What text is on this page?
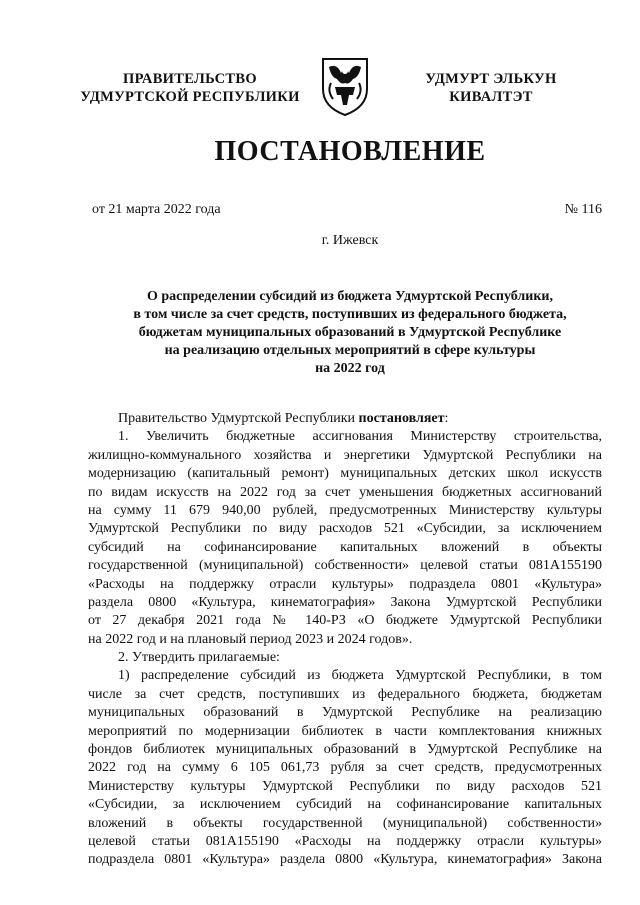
ПРАВИТЕЛЬСТВО
УДМУРТСКОЙ РЕСПУБЛИКИ
УДМУРТ ЭЛЬКУН
КИВАЛТЭТ
ПОСТАНОВЛЕНИЕ
от 21 марта 2022 года	№ 116
г. Ижевск
О распределении субсидий из бюджета Удмуртской Республики,
в том числе за счет средств, поступивших из федерального бюджета,
бюджетам муниципальных образований в Удмуртской Республике
на реализацию отдельных мероприятий в сфере культуры
на 2022 год
Правительство Удмуртской Республики постановляет:
1. Увеличить бюджетные ассигнования Министерству строительства,
жилищно-коммунального хозяйства и энергетики Удмуртской Республики на
модернизацию (капитальный ремонт) муниципальных детских школ искусств
по видам искусств на 2022 год за счет уменьшения бюджетных ассигнований
на сумму 11 679 940,00 рублей, предусмотренных Министерству культуры
Удмуртской Республики по виду расходов 521 «Субсидии, за исключением
субсидий на софинансирование капитальных вложений в объекты
государственной (муниципальной) собственности» целевой статьи 081А155190
«Расходы на поддержку отрасли культуры» подраздела 0801 «Культура»
раздела 0800 «Культура, кинематография» Закона Удмуртской Республики
от 27 декабря 2021 года № 140-РЗ «О бюджете Удмуртской Республики
на 2022 год и на плановый период 2023 и 2024 годов».
2. Утвердить прилагаемые:
1) распределение субсидий из бюджета Удмуртской Республики, в том
числе за счет средств, поступивших из федерального бюджета, бюджетам
муниципальных образований в Удмуртской Республике на реализацию
мероприятий по модернизации библиотек в части комплектования книжных
фондов библиотек муниципальных образований в Удмуртской Республике на
2022 год на сумму 6 105 061,73 рубля за счет средств, предусмотренных
Министерству культуры Удмуртской Республики по виду расходов 521
«Субсидии, за исключением субсидий на софинансирование капитальных
вложений в объекты государственной (муниципальной) собственности»
целевой статьи 081А155190 «Расходы на поддержку отрасли культуры»
подраздела 0801 «Культура» раздела 0800 «Культура, кинематография» Закона
